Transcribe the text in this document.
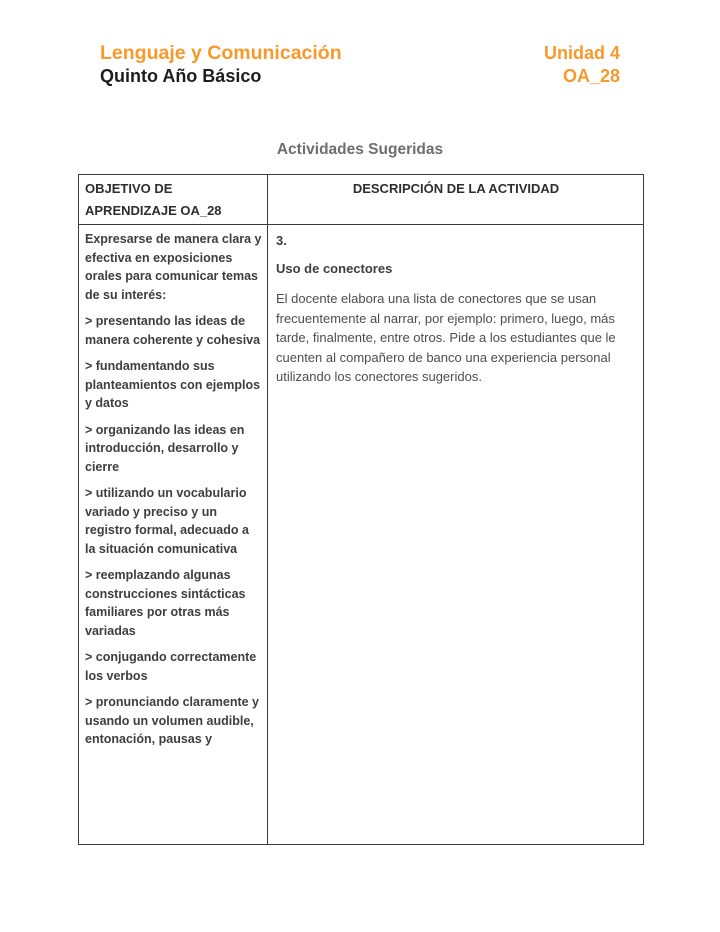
Lenguaje y Comunicación
Quinto Año Básico
Unidad 4
OA_28
Actividades Sugeridas
OBJETIVO DE APRENDIZAJE OA_28
DESCRIPCIÓN DE LA ACTIVIDAD

Expresarse de manera clara y efectiva en exposiciones orales para comunicar temas de su interés:

> presentando las ideas de manera coherente y cohesiva

> fundamentando sus planteamientos con ejemplos y datos

> organizando las ideas en introducción, desarrollo y cierre

> utilizando un vocabulario variado y preciso y un registro formal, adecuado a la situación comunicativa

> reemplazando algunas construcciones sintácticas familiares por otras más variadas

> conjugando correctamente los verbos

> pronunciando claramente y usando un volumen audible, entonación, pausas y

3.

Uso de conectores

El docente elabora una lista de conectores que se usan frecuentemente al narrar, por ejemplo: primero, luego, más tarde, finalmente, entre otros. Pide a los estudiantes que le cuenten al compañero de banco una experiencia personal utilizando los conectores sugeridos.
